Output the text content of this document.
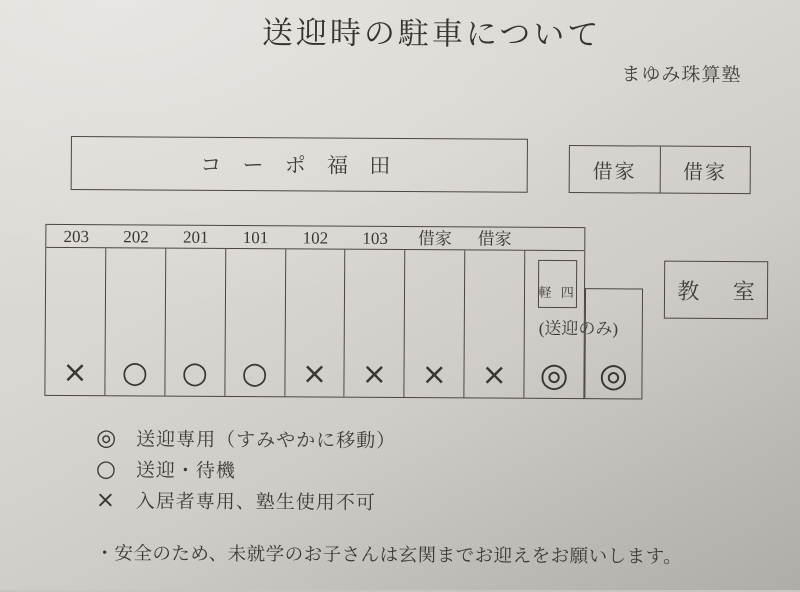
送迎時の駐車について
まゆみ珠算塾
コ ー ポ 福 田	借家	借家
教 室
203	202	201	101	102	103	借家	借家
× ○ ○ ○ × × × ×
軽 四
◎
(送迎のみ)
◎
◎	送迎専用（すみやかに移動）
○	送迎・待機
×	入居者専用、塾生使用不可
・安全のため、未就学のお子さんは玄関までお迎えをお願いします。
